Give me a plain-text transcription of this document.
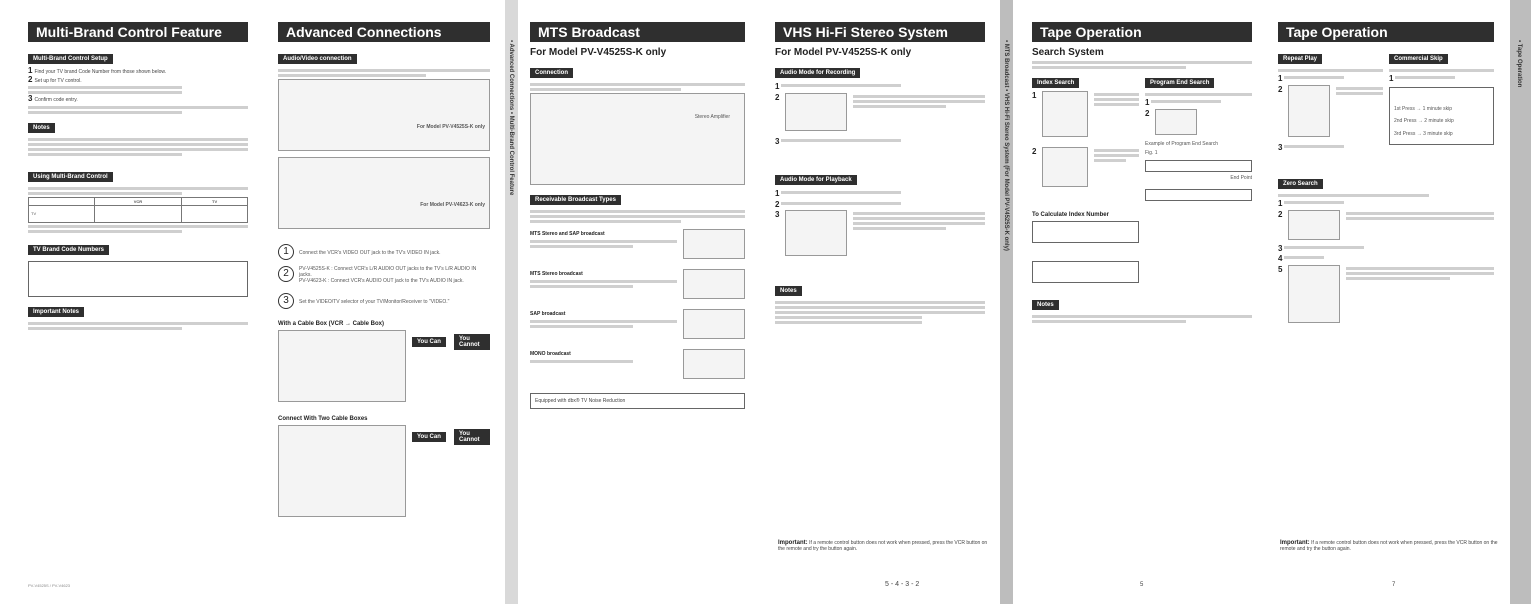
Multi-Brand Control Feature
Multi-Brand Control Setup
1 Find your TV brand Code Number from those shown below.
2 Set up for TV control.
3 Confirm code entry.
Notes
Using Multi-Brand Control
	VCR	TV
TV		
TV Brand Code Numbers
Important Notes
PV-V4525S / PV-V4623
Advanced Connections
Audio/Video connection
For Model PV-V4525S-K only
For Model PV-V4623-K only
1 Connect the VCR's VIDEO OUT jack to the TV's VIDEO IN jack.
2	PV-V4525S-K : Connect VCR's L/R AUDIO OUT jacks to the TV's L/R AUDIO IN jacks.
PV-V4623-K : Connect VCR's AUDIO OUT jack to the TV's AUDIO IN jack.
3 Set the VIDEO/TV selector of your TV/Monitor/Receiver to "VIDEO."
With a Cable Box (VCR → Cable Box)
You Can	You Cannot
Connect With Two Cable Boxes
You Can	You Cannot
• Advanced Connections • Multi-Brand Control Feature
MTS Broadcast
For Model PV-V4525S-K only
Connection
Stereo Amplifier
Receivable Broadcast Types
MTS Stereo and SAP broadcast
MTS Stereo broadcast
SAP broadcast
MONO broadcast
Equipped with dbx® TV Noise Reduction
VHS Hi-Fi Stereo System
For Model PV-V4525S-K only
Audio Mode for Recording
1
2
3
Audio Mode for Playback
1
2
3
Notes
Important: If a remote control button does not work when pressed, press the VCR button on the remote and try the button again.
5 - 4 - 3 - 2
• MTS Broadcast • VHS Hi-Fi Stereo System (For Model PV-V4525S-K only)
Tape Operation
Search System
Index Search
1
2
Program End Search
1
2
Example of Program End Search
Fig. 1
End Point
To Calculate Index Number
Notes
5
Tape Operation
Repeat Play
1
2
3
Commercial Skip
1
1st Press → 1 minute skip
2nd Press → 2 minute skip
3rd Press → 3 minute skip
Zero Search
1
2
3
4
5
Important: If a remote control button does not work when pressed, press the VCR button on the remote and try the button again.
7
• Tape Operation
